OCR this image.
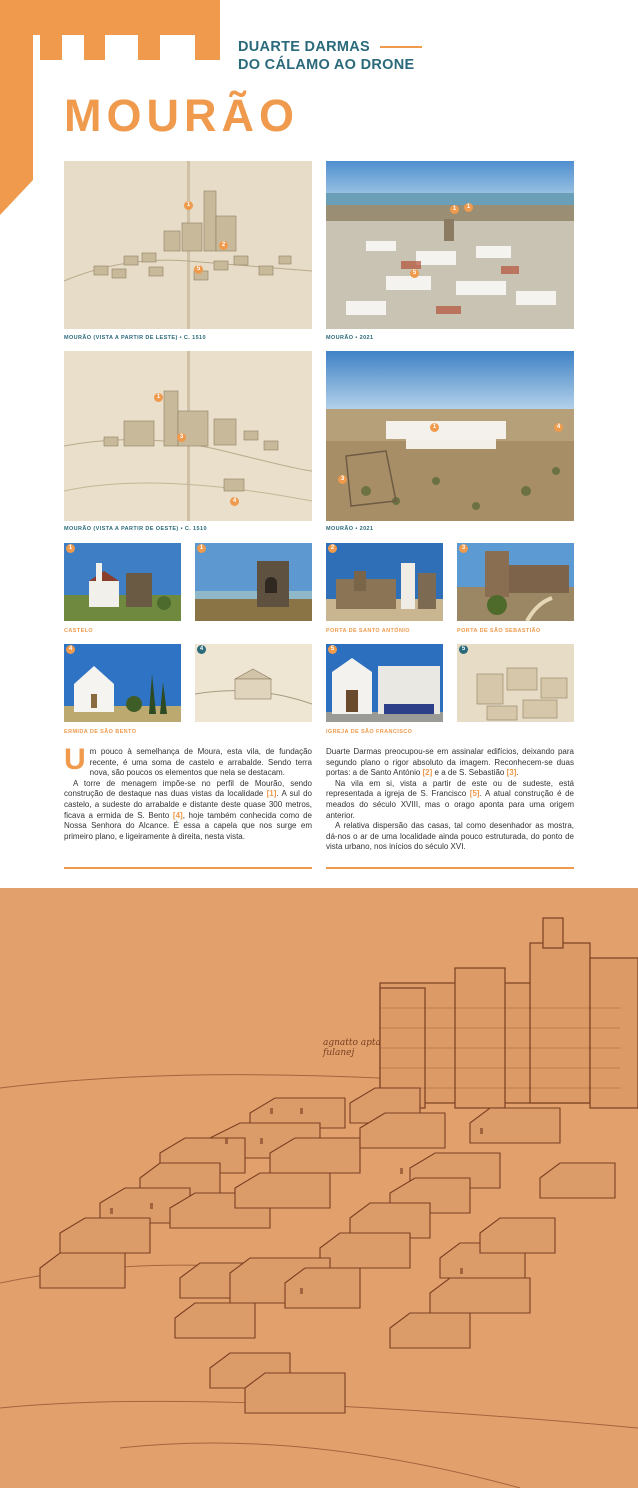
DUARTE DARMAS
DO CÁLAMO AO DRONE
MOURÃO
1
2
5
MOURÃO (VISTA A PARTIR DE LESTE) • C. 1510
1	1
5
MOURÃO • 2021
1
3
4
MOURÃO (VISTA A PARTIR DE OESTE) • C. 1510
1	4
3
MOURÃO • 2021
1	1
CASTELO
2
PORTA DE SANTO ANTÓNIO
3
PORTA DE SÃO SEBASTIÃO
4	4
ERMIDA DE SÃO BENTO
5	5
IGREJA DE SÃO FRANCISCO

Um pouco à semelhança de Moura, esta vila, de fundação recente, é uma soma de castelo e arrabalde. Sendo terra nova, são poucos os elementos que nela se destacam.

A torre de menagem impõe-se no perfil de Mourão, sendo construção de destaque nas duas vistas da localidade [1]. A sul do castelo, a sudeste do arrabalde e distante deste quase 300 metros, ficava a ermida de S. Bento [4], hoje também conhecida como de Nossa Senhora do Alcance. É essa a capela que nos surge em primeiro plano, e ligeiramente à direita, nesta vista.

Duarte Darmas preocupou-se em assinalar edifícios, deixando para segundo plano o rigor absoluto da imagem. Reconhecem-se duas portas: a de Santo António [2] e a de S. Sebastião [3].

Na vila em si, vista a partir de este ou de sudeste, está representada a igreja de S. Francisco [5]. A atual construção é de meados do século XVIII, mas o orago aponta para uma origem anterior.

A relativa dispersão das casas, tal como desenhador as mostra, dá-nos o ar de uma localidade ainda pouco estruturada, do ponto de vista urbano, nos inícios do século XVI.

agnatto apta fulanej
